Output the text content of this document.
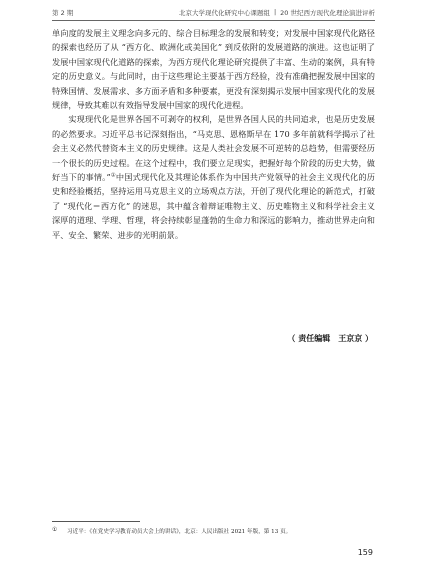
第 2 期	北京大学现代化研究中心课题组 | 20 世纪西方现代化理论演进评析

单向度的发展主义理念向多元的、综合目标理念的发展和转变；对发展中国家现代化路径的探索也经历了从 “西方化、欧洲化或美国化” 到反依附的发展道路的演进。这也证明了发展中国家现代化道路的探索，为西方现代化理论研究提供了丰富、生动的案例，具有特定的历史意义。与此同时，由于这些理论主要基于西方经验，没有准确把握发展中国家的特殊国情、发展需求、多方面矛盾和多种要素，更没有深刻揭示发展中国家现代化的发展规律，导致其难以有效指导发展中国家的现代化进程。

实现现代化是世界各国不可剥夺的权利，是世界各国人民的共同追求，也是历史发展的必然要求。习近平总书记深刻指出，“马克思、恩格斯早在 170 多年前就科学揭示了社会主义必然代替资本主义的历史规律。这是人类社会发展不可逆转的总趋势，但需要经历一个很长的历史过程。在这个过程中，我们要立足现实，把握好每个阶段的历史大势，做好当下的事情。”①中国式现代化及其理论体系作为中国共产党领导的社会主义现代化的历史和经验概括，坚持运用马克思主义的立场观点方法，开创了现代化理论的新范式，打破了 “现代化＝西方化” 的迷思，其中蕴含着辩证唯物主义、历史唯物主义和科学社会主义深厚的道理、学理、哲理，将会持续彰显蓬勃的生命力和深远的影响力，推动世界走向和平、安全、繁荣、进步的光明前景。

（ 责任编辑　王京京 ）
① 习近平：《在党史学习教育动员大会上的讲话》，北京：人民出版社 2021 年版，第 13 页。
159
